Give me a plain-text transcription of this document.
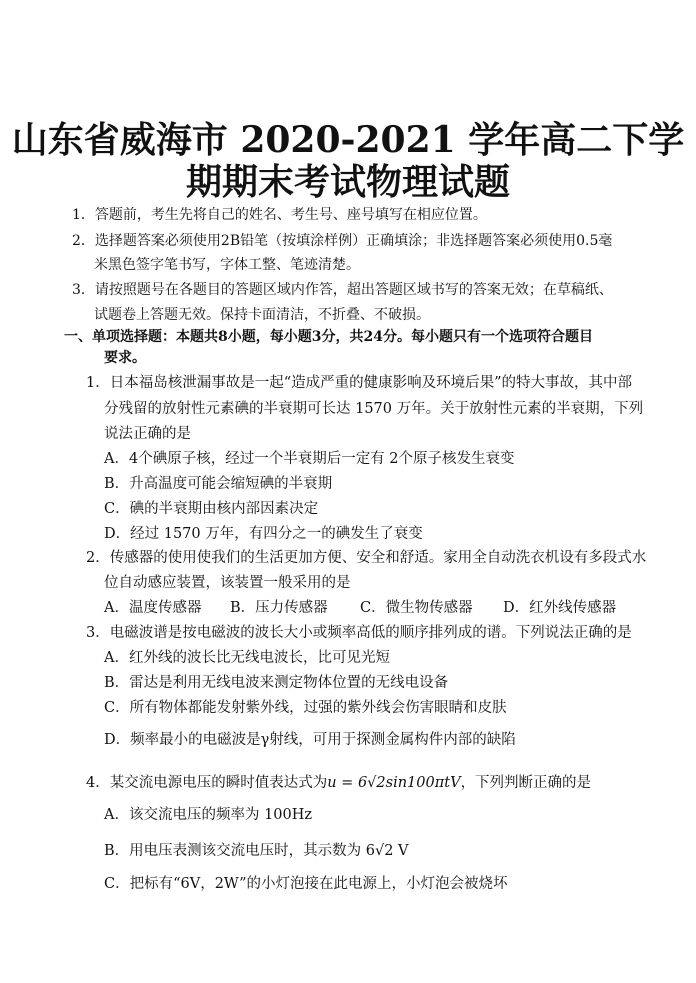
山东省威海市 2020-2021 学年高二下学
期期末考试物理试题
1．答题前，考生先将自己的姓名、考生号、座号填写在相应位置。
2．选择题答案必须使用2B铅笔（按填涂样例）正确填涂；非选择题答案必须使用0.5毫
米黑色签字笔书写，字体工整、笔迹清楚。
3．请按照题号在各题目的答题区域内作答，超出答题区域书写的答案无效；在草稿纸、
试题卷上答题无效。保持卡面清洁，不折叠、不破损。
一、单项选择题：本题共8小题，每小题3分，共24分。每小题只有一个选项符合题目
要求。
1．日本福岛核泄漏事故是一起“造成严重的健康影响及环境后果”的特大事故，其中部
分残留的放射性元素碘的半衰期可长达 1570 万年。关于放射性元素的半衰期，下列
说法正确的是
A．4个碘原子核，经过一个半衰期后一定有 2个原子核发生衰变
B．升高温度可能会缩短碘的半衰期
C．碘的半衰期由核内部因素决定
D．经过 1570 万年，有四分之一的碘发生了衰变
2．传感器的使用使我们的生活更加方便、安全和舒适。家用全自动洗衣机设有多段式水
位自动感应装置，该装置一般采用的是
A．温度传感器 B．压力传感器 C．微生物传感器 D．红外线传感器
3．电磁波谱是按电磁波的波长大小或频率高低的顺序排列成的谱。下列说法正确的是
A．红外线的波长比无线电波长，比可见光短
B．雷达是利用无线电波来测定物体位置的无线电设备
C．所有物体都能发射紫外线，过强的紫外线会伤害眼睛和皮肤
D．频率最小的电磁波是γ射线，可用于探测金属构件内部的缺陷
4．某交流电源电压的瞬时值表达式为u = 6√2sin100πtV，下列判断正确的是
A．该交流电压的频率为 100Hz
B．用电压表测该交流电压时，其示数为 6√2 V
C．把标有“6V，2W”的小灯泡接在此电源上，小灯泡会被烧坏
